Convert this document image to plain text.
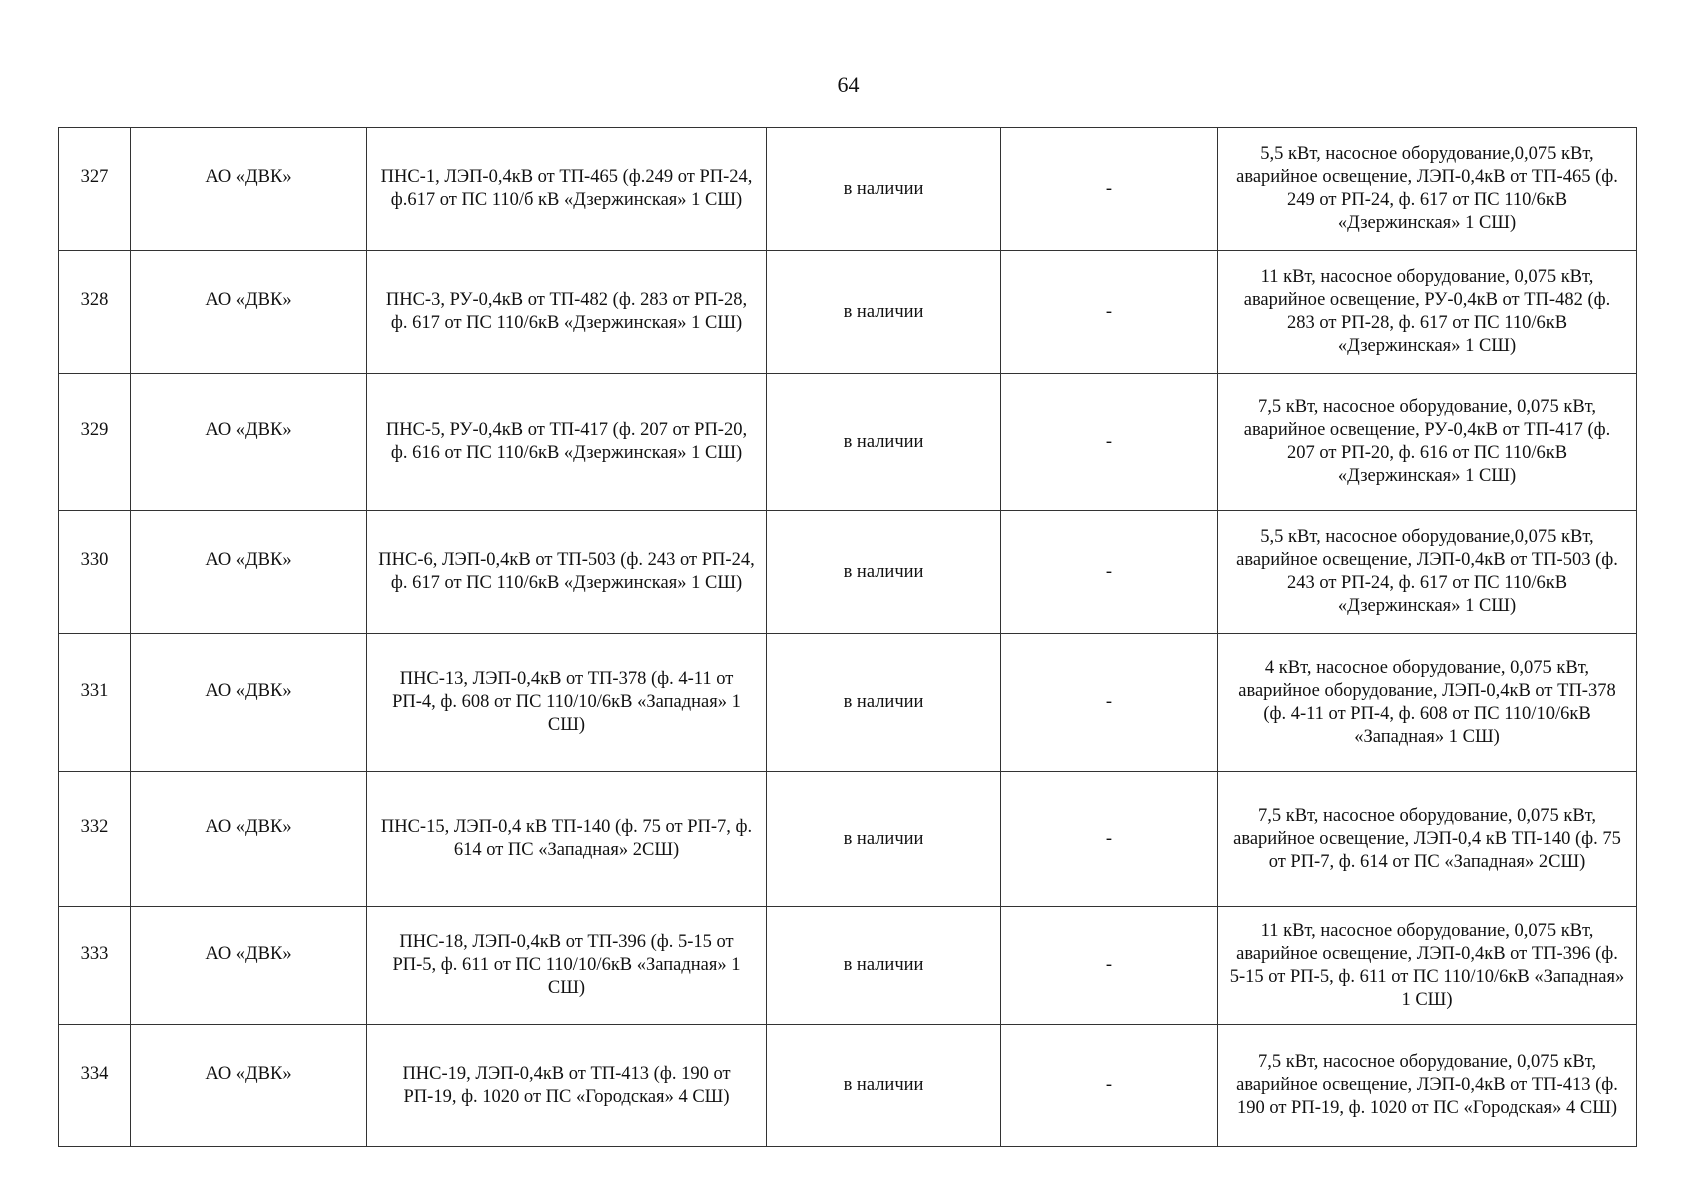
64
327	АО «ДВК»	ПНС-1, ЛЭП-0,4кВ от ТП-465 (ф.249 от РП-24, ф.617 от ПС 110/б кВ «Дзержинская» 1 СШ)	в наличии	-	5,5 кВт, насосное оборудование,0,075 кВт, аварийное освещение, ЛЭП-0,4кВ от ТП-465 (ф. 249 от РП-24, ф. 617 от ПС 110/6кВ «Дзержинская» 1 СШ)
328	АО «ДВК»	ПНС-3, РУ-0,4кВ от ТП-482 (ф. 283 от РП-28, ф. 617 от ПС 110/6кВ «Дзержинская» 1 СШ)	в наличии	-	11 кВт, насосное оборудование, 0,075 кВт, аварийное освещение, РУ-0,4кВ от ТП-482 (ф. 283 от РП-28, ф. 617 от ПС 110/6кВ «Дзержинская» 1 СШ)
329	АО «ДВК»	ПНС-5, РУ-0,4кВ от ТП-417 (ф. 207 от РП-20, ф. 616 от ПС 110/6кВ «Дзержинская» 1 СШ)	в наличии	-	7,5 кВт, насосное оборудование, 0,075 кВт, аварийное освещение, РУ-0,4кВ от ТП-417 (ф. 207 от РП-20, ф. 616 от ПС 110/6кВ «Дзержинская» 1 СШ)
330	АО «ДВК»	ПНС-6, ЛЭП-0,4кВ от ТП-503 (ф. 243 от РП-24, ф. 617 от ПС 110/6кВ «Дзержинская» 1 СШ)	в наличии	-	5,5 кВт, насосное оборудование,0,075 кВт, аварийное освещение, ЛЭП-0,4кВ от ТП-503 (ф. 243 от РП-24, ф. 617 от ПС 110/6кВ «Дзержинская» 1 СШ)
331	АО «ДВК»	ПНС-13, ЛЭП-0,4кВ от ТП-378 (ф. 4-11 от РП-4, ф. 608 от ПС 110/10/6кВ «Западная» 1 СШ)	в наличии	-	4 кВт, насосное оборудование, 0,075 кВт, аварийное оборудование, ЛЭП-0,4кВ от ТП-378 (ф. 4-11 от РП-4, ф. 608 от ПС 110/10/6кВ «Западная» 1 СШ)
332	АО «ДВК»	ПНС-15, ЛЭП-0,4 кВ ТП-140 (ф. 75 от РП-7, ф. 614 от ПС «Западная» 2СШ)	в наличии	-	7,5 кВт, насосное оборудование, 0,075 кВт, аварийное освещение, ЛЭП-0,4 кВ ТП-140 (ф. 75 от РП-7, ф. 614 от ПС «Западная» 2СШ)
333	АО «ДВК»	ПНС-18, ЛЭП-0,4кВ от ТП-396 (ф. 5-15 от РП-5, ф. 611 от ПС 110/10/6кВ «Западная» 1 СШ)	в наличии	-	11 кВт, насосное оборудование, 0,075 кВт, аварийное освещение, ЛЭП-0,4кВ от ТП-396 (ф. 5-15 от РП-5, ф. 611 от ПС 110/10/6кВ «Западная» 1 СШ)
334	АО «ДВК»	ПНС-19, ЛЭП-0,4кВ от ТП-413 (ф. 190 от РП-19, ф. 1020 от ПС «Городская» 4 СШ)	в наличии	-	7,5 кВт, насосное оборудование, 0,075 кВт, аварийное освещение, ЛЭП-0,4кВ от ТП-413 (ф. 190 от РП-19, ф. 1020 от ПС «Городская» 4 СШ)
